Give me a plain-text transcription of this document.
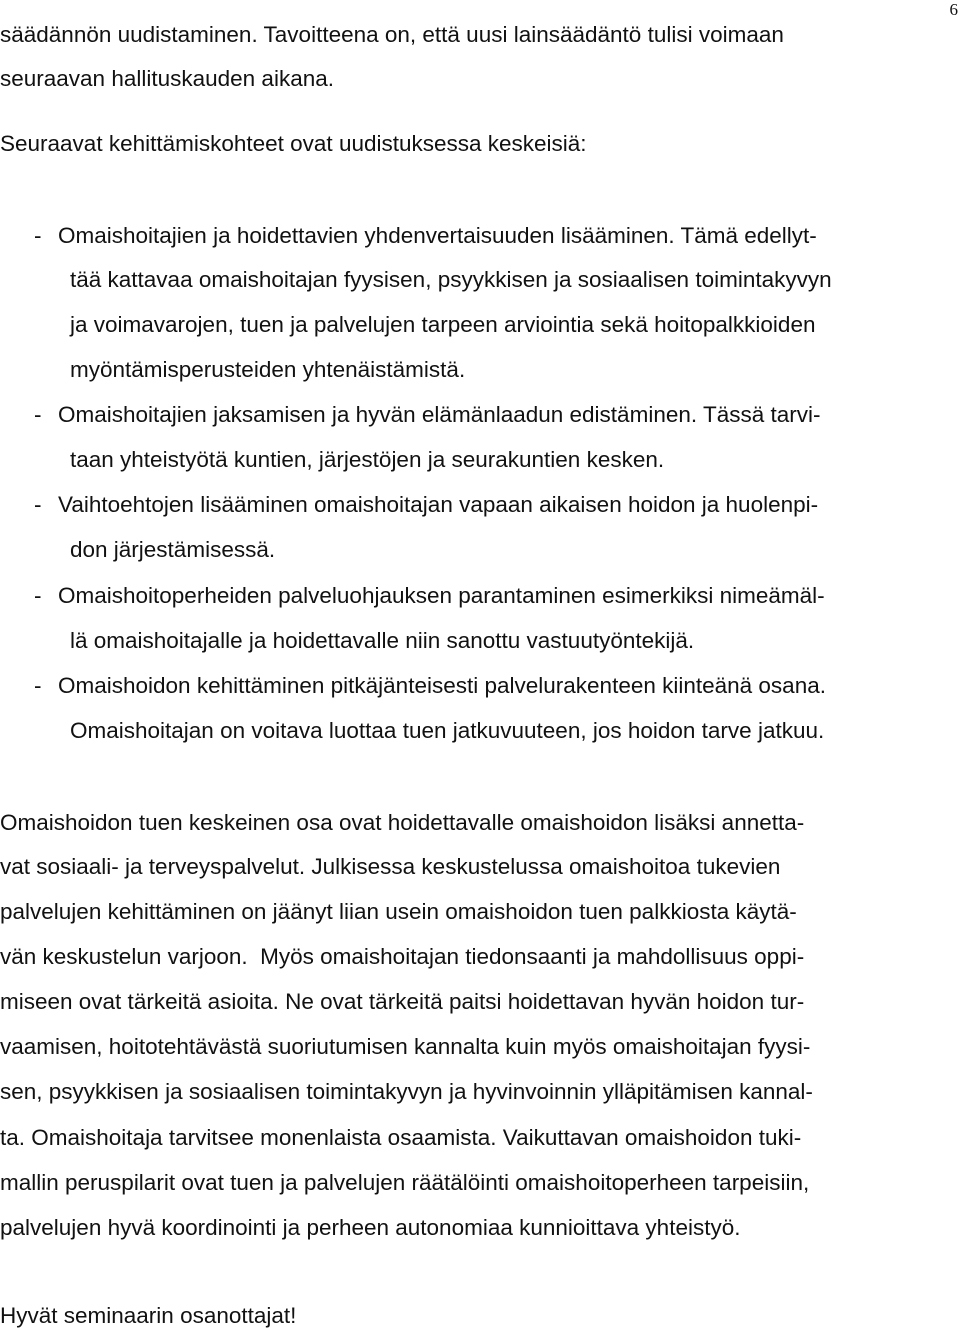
6
säädännön uudistaminen. Tavoitteena on, että uusi lainsäädäntö tulisi voimaan
seuraavan hallituskauden aikana.
Seuraavat kehittämiskohteet ovat uudistuksessa keskeisiä:
- Omaishoitajien ja hoidettavien yhdenvertaisuuden lisääminen. Tämä edellyt-
tää kattavaa omaishoitajan fyysisen, psyykkisen ja sosiaalisen toimintakyvyn
ja voimavarojen, tuen ja palvelujen tarpeen arviointia sekä hoitopalkkioiden
myöntämisperusteiden yhtenäistämistä.
- Omaishoitajien jaksamisen ja hyvän elämänlaadun edistäminen. Tässä tarvi-
taan yhteistyötä kuntien, järjestöjen ja seurakuntien kesken.
- Vaihtoehtojen lisääminen omaishoitajan vapaan aikaisen hoidon ja huolenpi-
don järjestämisessä.
- Omaishoitoperheiden palveluohjauksen parantaminen esimerkiksi nimeämäl-
lä omaishoitajalle ja hoidettavalle niin sanottu vastuutyöntekijä.
- Omaishoidon kehittäminen pitkäjänteisesti palvelurakenteen kiinteänä osana.
Omaishoitajan on voitava luottaa tuen jatkuvuuteen, jos hoidon tarve jatkuu.
Omaishoidon tuen keskeinen osa ovat hoidettavalle omaishoidon lisäksi annetta-
vat sosiaali- ja terveyspalvelut. Julkisessa keskustelussa omaishoitoa tukevien
palvelujen kehittäminen on jäänyt liian usein omaishoidon tuen palkkiosta käytä-
vän keskustelun varjoon.  Myös omaishoitajan tiedonsaanti ja mahdollisuus oppi-
miseen ovat tärkeitä asioita. Ne ovat tärkeitä paitsi hoidettavan hyvän hoidon tur-
vaamisen, hoitotehtävästä suoriutumisen kannalta kuin myös omaishoitajan fyysi-
sen, psyykkisen ja sosiaalisen toimintakyvyn ja hyvinvoinnin ylläpitämisen kannal-
ta. Omaishoitaja tarvitsee monenlaista osaamista. Vaikuttavan omaishoidon tuki-
mallin peruspilarit ovat tuen ja palvelujen räätälöinti omaishoitoperheen tarpeisiin,
palvelujen hyvä koordinointi ja perheen autonomiaa kunnioittava yhteistyö.
Hyvät seminaarin osanottajat!
